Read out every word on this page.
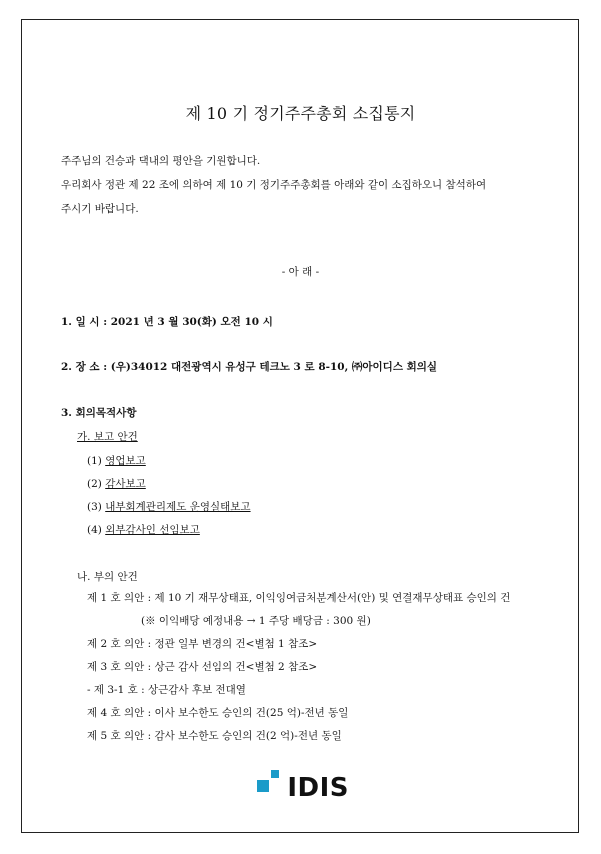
제 10 기 정기주주총회 소집통지
주주님의 건승과 댁내의 평안을 기원합니다.
우리회사 정관 제 22 조에 의하여 제 10 기 정기주주총회를 아래와 같이 소집하오니 참석하여
주시기 바랍니다.
- 아 래 -
1. 일 시 : 2021 년 3 월 30(화) 오전 10 시
2. 장 소 : (우)34012 대전광역시 유성구 테크노 3 로 8-10, ㈜아이디스 회의실
3. 회의목적사항
가. 보고 안건
(1) 영업보고
(2) 감사보고
(3) 내부회계관리제도 운영실태보고
(4) 외부감사인 선임보고
나. 부의 안건
제 1 호 의안 : 제 10 기 재무상태표, 이익잉여금처분계산서(안) 및 연결재무상태표 승인의 건
(※ 이익배당 예정내용 → 1 주당 배당금 : 300 원)
제 2 호 의안 : 정관 일부 변경의 건<별첨 1 참조>
제 3 호 의안 : 상근 감사 선임의 건<별첨 2 참조>
- 제 3-1 호 : 상근감사 후보 전대열
제 4 호 의안 : 이사 보수한도 승인의 건(25 억)-전년 동일
제 5 호 의안 : 감사 보수한도 승인의 건(2 억)-전년 동일
IDIS
